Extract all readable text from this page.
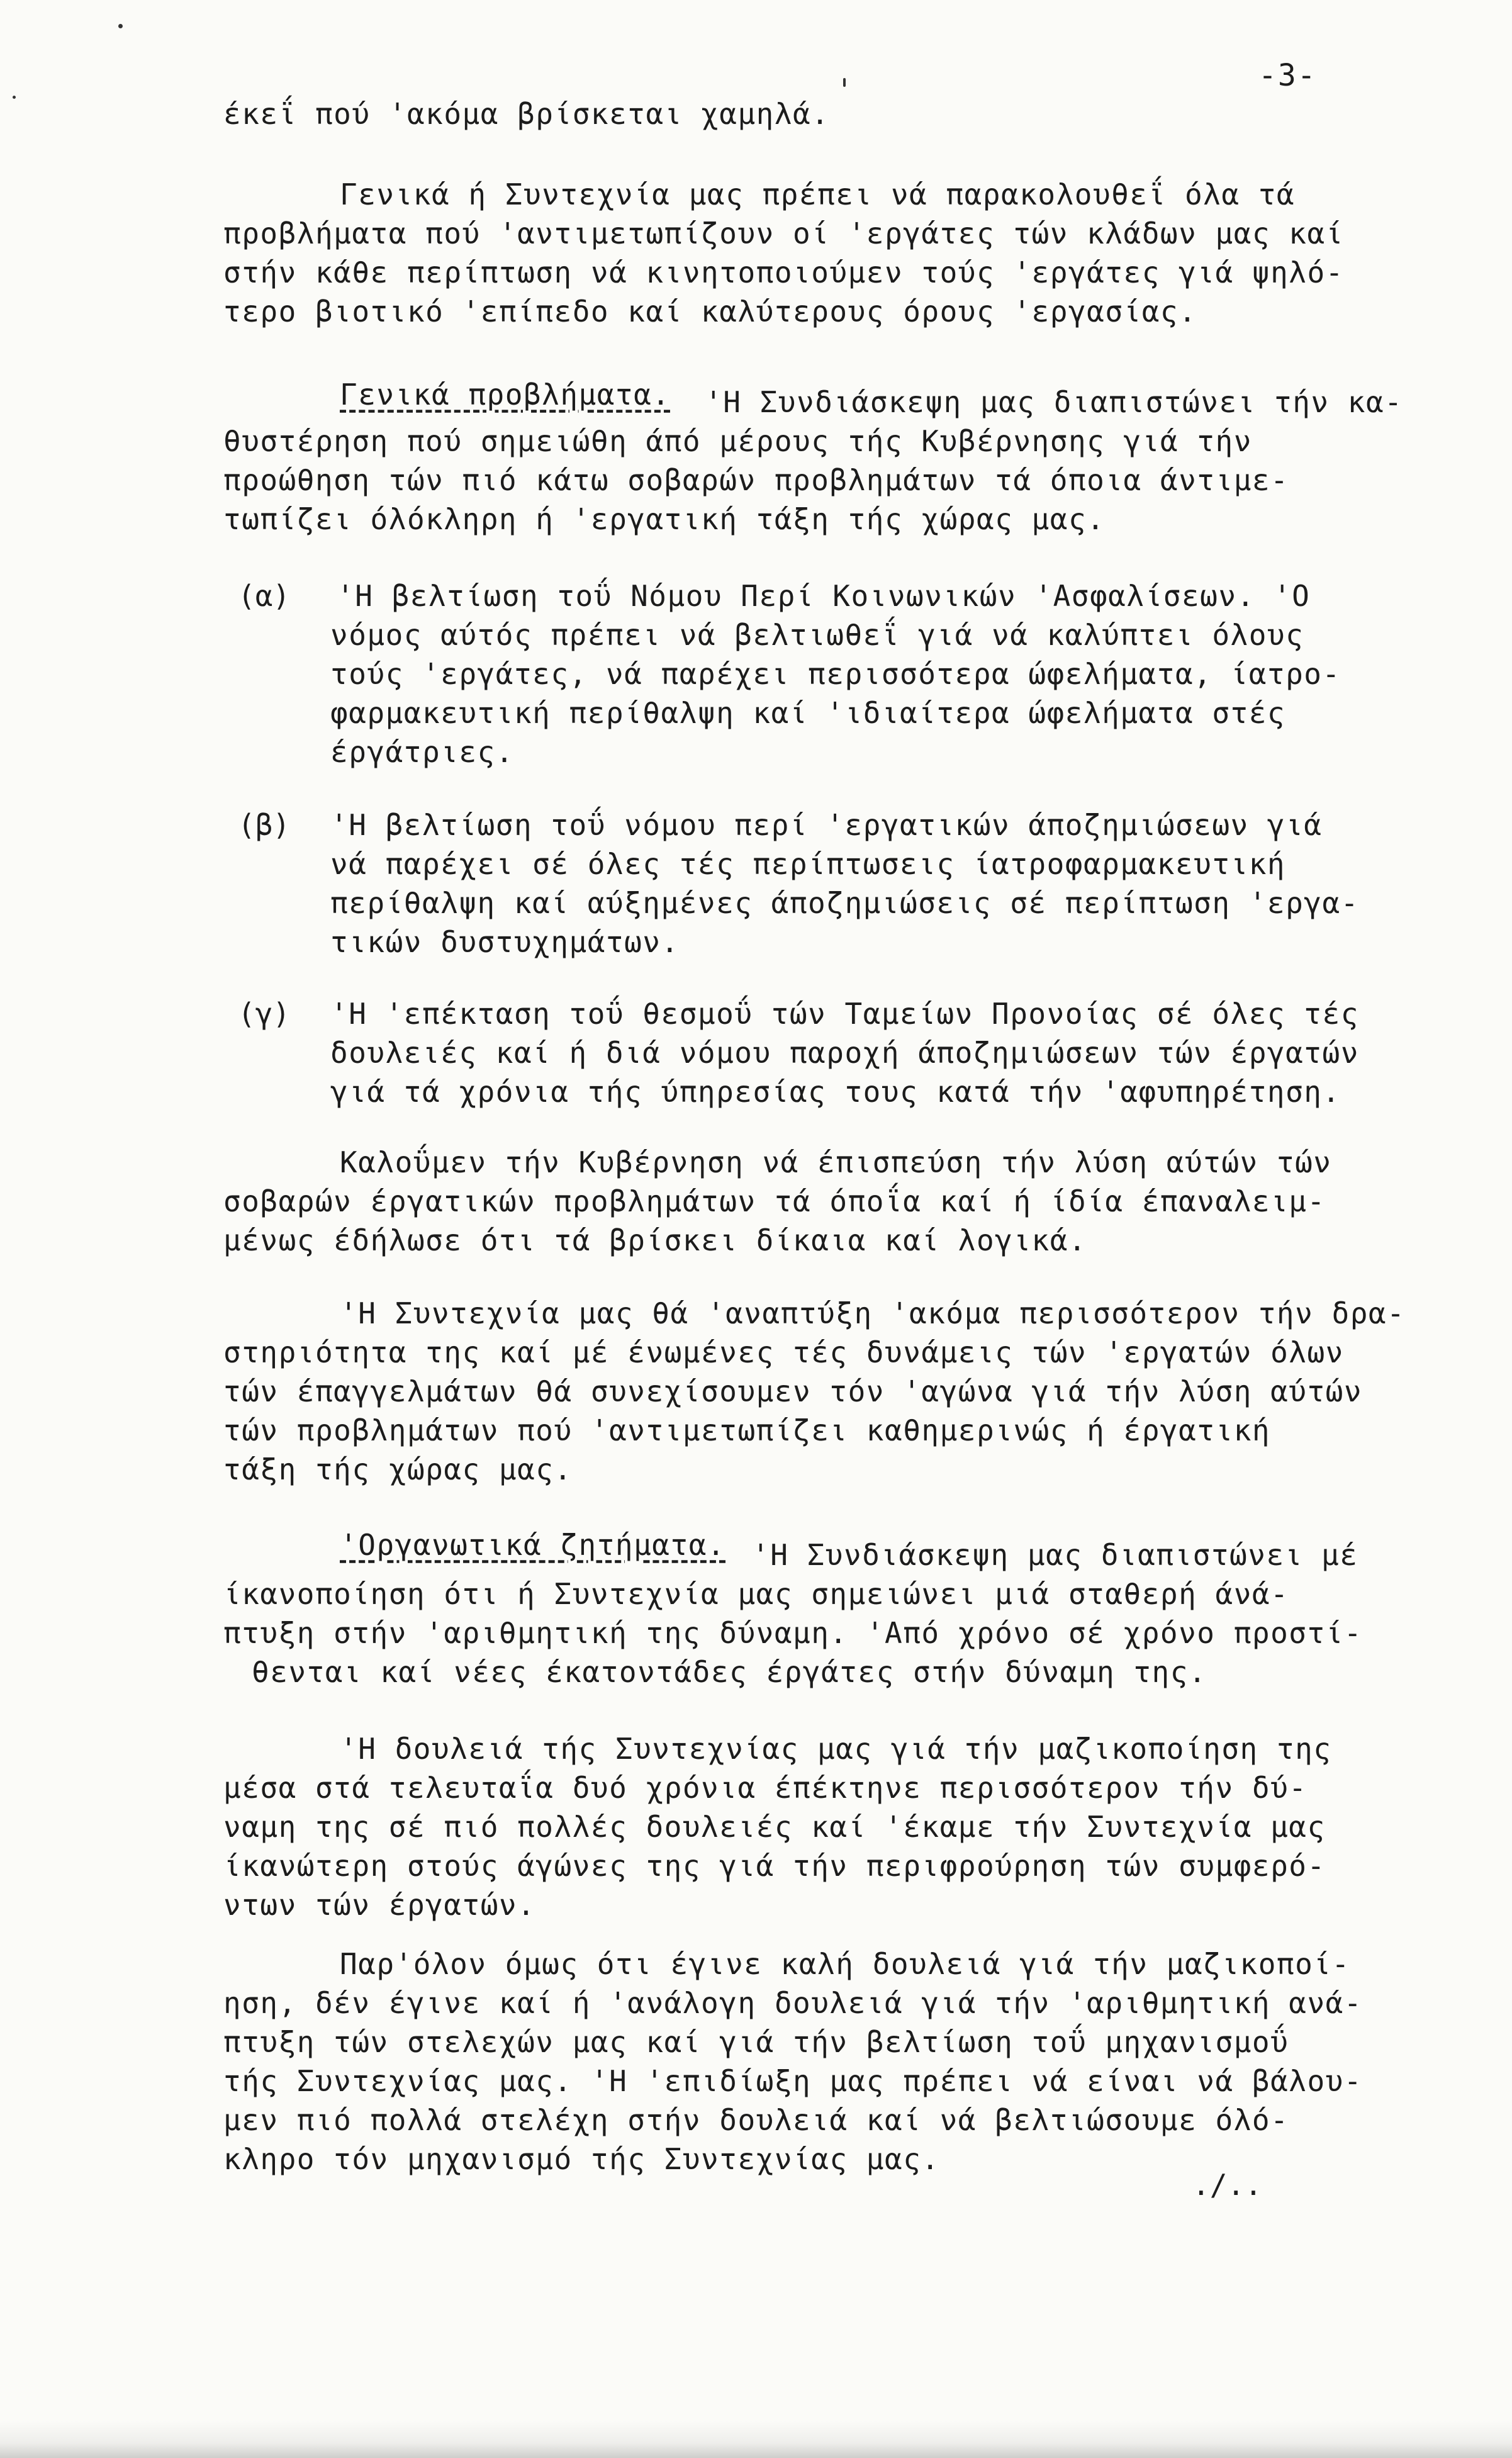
-3-
έκεΐ πού 'ακόμα βρίσκεται χαμηλά.
Γενικά ή Συντεχνία μας πρέπει νά παρακολουθεΐ όλα τά
προβλήματα πού 'αντιμετωπίζουν οί 'εργάτες τών κλάδων μας καί
στήν κάθε περίπτωση νά κινητοποιούμεν τούς 'εργάτες γιά ψηλό-
τερο βιοτικό 'επίπεδο καί καλύτερους όρους 'εργασίας.
Γενικά προβλήματα. 'Η Συνδιάσκεψη μας διαπιστώνει τήν κα-
θυστέρηση πού σημειώθη άπό μέρους τής Κυβέρνησης γιά τήν
προώθηση τών πιό κάτω σοβαρών προβλημάτων τά όποια άντιμε-
τωπίζει όλόκληρη ή 'εργατική τάξη τής χώρας μας.
(α) 'Η βελτίωση τοΰ Νόμου Περί Κοινωνικών 'Ασφαλίσεων. 'Ο
νόμος αύτός πρέπει νά βελτιωθεΐ γιά νά καλύπτει όλους
τούς 'εργάτες, νά παρέχει περισσότερα ώφελήματα, ίατρο-
φαρμακευτική περίθαλψη καί 'ιδιαίτερα ώφελήματα στές
έργάτριες.
(β) 'Η βελτίωση τοΰ νόμου περί 'εργατικών άποζημιώσεων γιά
νά παρέχει σέ όλες τές περίπτωσεις ίατροφαρμακευτική
περίθαλψη καί αύξημένες άποζημιώσεις σέ περίπτωση 'εργα-
τικών δυστυχημάτων.
(γ) 'Η 'επέκταση τοΰ θεσμοΰ τών Ταμείων Προνοίας σέ όλες τές
δουλειές καί ή διά νόμου παροχή άποζημιώσεων τών έργατών
γιά τά χρόνια τής ύπηρεσίας τους κατά τήν 'αφυπηρέτηση.
Καλοΰμεν τήν Κυβέρνηση νά έπισπεύση τήν λύση αύτών τών
σοβαρών έργατικών προβλημάτων τά όποΐα καί ή ίδία έπαναλειμ-
μένως έδήλωσε ότι τά βρίσκει δίκαια καί λογικά.
'Η Συντεχνία μας θά 'αναπτύξη 'ακόμα περισσότερον τήν δρα-
στηριότητα της καί μέ ένωμένες τές δυνάμεις τών 'εργατών όλων
τών έπαγγελμάτων θά συνεχίσουμεν τόν 'αγώνα γιά τήν λύση αύτών
τών προβλημάτων πού 'αντιμετωπίζει καθημερινώς ή έργατική
τάξη τής χώρας μας.
'Οργανωτικά ζητήματα. 'Η Συνδιάσκεψη μας διαπιστώνει μέ
ίκανοποίηση ότι ή Συντεχνία μας σημειώνει μιά σταθερή άνά-
πτυξη στήν 'αριθμητική της δύναμη. 'Από χρόνο σέ χρόνο προστί-
θενται καί νέες έκατοντάδες έργάτες στήν δύναμη της.
'Η δουλειά τής Συντεχνίας μας γιά τήν μαζικοποίηση της
μέσα στά τελευταΐα δυό χρόνια έπέκτηνε περισσότερον τήν δύ-
ναμη της σέ πιό πολλές δουλειές καί 'έκαμε τήν Συντεχνία μας
ίκανώτερη στούς άγώνες της γιά τήν περιφρούρηση τών συμφερό-
ντων τών έργατών.
Παρ'όλον όμως ότι έγινε καλή δουλειά γιά τήν μαζικοποί-
ηση, δέν έγινε καί ή 'ανάλογη δουλειά γιά τήν 'αριθμητική ανά-
πτυξη τών στελεχών μας καί γιά τήν βελτίωση τοΰ μηχανισμοΰ
τής Συντεχνίας μας. 'Η 'επιδίωξη μας πρέπει νά είναι νά βάλου-
μεν πιό πολλά στελέχη στήν δουλειά καί νά βελτιώσουμε όλό-
κληρο τόν μηχανισμό τής Συντεχνίας μας.
./..
